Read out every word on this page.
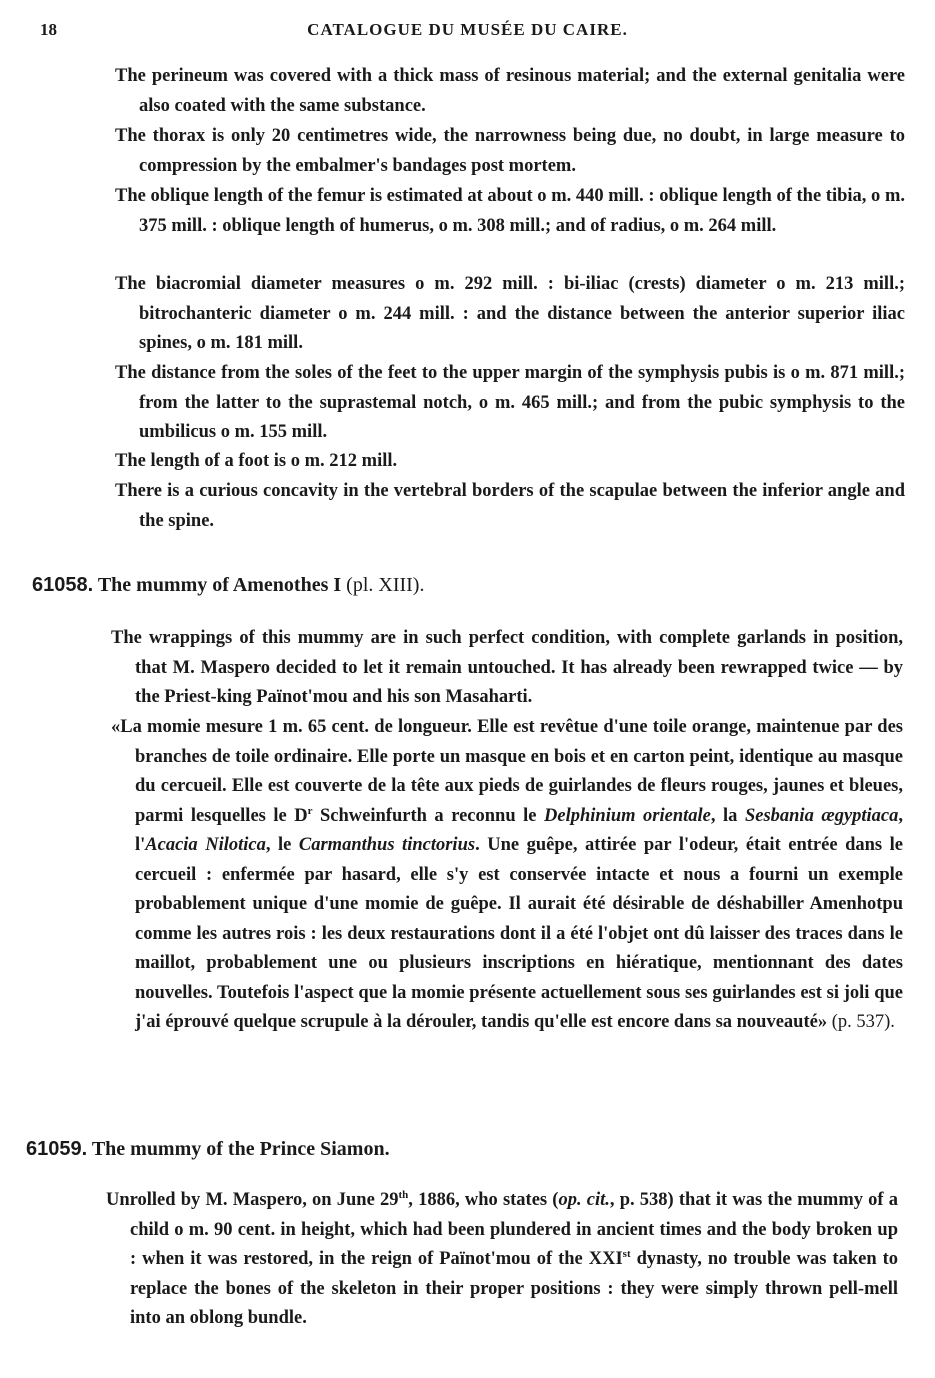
18	CATALOGUE DU MUSÉE DU CAIRE.
The perineum was covered with a thick mass of resinous material; and the external genitalia were also coated with the same substance.
The thorax is only 20 centimetres wide, the narrowness being due, no doubt, in large measure to compression by the embalmer's bandages post mortem.
The oblique length of the femur is estimated at about o m. 440 mill. : oblique length of the tibia, o m. 375 mill. : oblique length of humerus, o m. 308 mill.; and of radius, o m. 264 mill.
The biacromial diameter measures o m. 292 mill. : bi-iliac (crests) diameter o m. 213 mill.; bitrochanteric diameter o m. 244 mill. : and the distance between the anterior superior iliac spines, o m. 181 mill.
The distance from the soles of the feet to the upper margin of the symphysis pubis is o m. 871 mill.; from the latter to the suprastemal notch, o m. 465 mill.; and from the pubic symphysis to the umbilicus o m. 155 mill.
The length of a foot is o m. 212 mill.
There is a curious concavity in the vertebral borders of the scapulae between the inferior angle and the spine.
61058. The mummy of Amenothes I (pl. XIII).
The wrappings of this mummy are in such perfect condition, with complete garlands in position, that M. Maspero decided to let it remain untouched. It has already been rewrapped twice — by the Priest-king Païnot'mou and his son Masaharti.
«La momie mesure 1 m. 65 cent. de longueur. Elle est revêtue d'une toile orange, maintenue par des branches de toile ordinaire. Elle porte un masque en bois et en carton peint, identique au masque du cercueil. Elle est couverte de la tête aux pieds de guirlandes de fleurs rouges, jaunes et bleues, parmi lesquelles le $D^r$ Schweinfurth a reconnu le Delphinium orientale, la Sesbania ægyptiaca, l'Acacia Nilotica, le Carmanthus tinctorius. Une guêpe, attirée par l'odeur, était entrée dans le cercueil : enfermée par hasard, elle s'y est conservée intacte et nous a fourni un exemple probablement unique d'une momie de guêpe. Il aurait été désirable de déshabiller Amenhotpu comme les autres rois : les deux restaurations dont il a été l'objet ont dû laisser des traces dans le maillot, probablement une ou plusieurs inscriptions en hiératique, mentionnant des dates nouvelles. Toutefois l'aspect que la momie présente actuellement sous ses guirlandes est si joli que j'ai éprouvé quelque scrupule à la dérouler, tandis qu'elle est encore dans sa nouveauté» (p. 537).
61059. The mummy of the Prince Siamon.
Unrolled by M. Maspero, on June 29th, 1886, who states (op. cit., p. 538) that it was the mummy of a child o m. 90 cent. in height, which had been plundered in ancient times and the body broken up : when it was restored, in the reign of Païnot'mou of the XXIst dynasty, no trouble was taken to replace the bones of the skeleton in their proper positions : they were simply thrown pell-mell into an oblong bundle.
